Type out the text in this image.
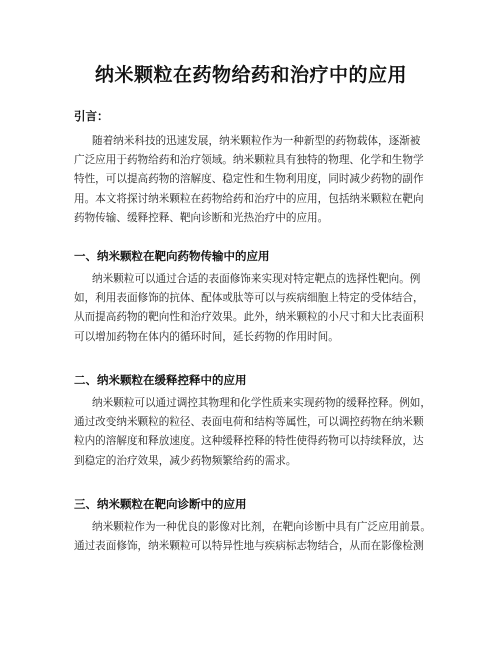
纳米颗粒在药物给药和治疗中的应用
引言：

随着纳米科技的迅速发展，纳米颗粒作为一种新型的药物载体，逐渐被
广泛应用于药物给药和治疗领域。纳米颗粒具有独特的物理、化学和生物学
特性，可以提高药物的溶解度、稳定性和生物利用度，同时减少药物的副作
用。本文将探讨纳米颗粒在药物给药和治疗中的应用，包括纳米颗粒在靶向
药物传输、缓释控释、靶向诊断和光热治疗中的应用。

一、纳米颗粒在靶向药物传输中的应用

纳米颗粒可以通过合适的表面修饰来实现对特定靶点的选择性靶向。例
如，利用表面修饰的抗体、配体或肽等可以与疾病细胞上特定的受体结合，
从而提高药物的靶向性和治疗效果。此外，纳米颗粒的小尺寸和大比表面积
可以增加药物在体内的循环时间，延长药物的作用时间。

二、纳米颗粒在缓释控释中的应用

纳米颗粒可以通过调控其物理和化学性质来实现药物的缓释控释。例如，
通过改变纳米颗粒的粒径、表面电荷和结构等属性，可以调控药物在纳米颗
粒内的溶解度和释放速度。这种缓释控释的特性使得药物可以持续释放，达
到稳定的治疗效果，减少药物频繁给药的需求。

三、纳米颗粒在靶向诊断中的应用

纳米颗粒作为一种优良的影像对比剂，在靶向诊断中具有广泛应用前景。
通过表面修饰，纳米颗粒可以特异性地与疾病标志物结合，从而在影像检测
